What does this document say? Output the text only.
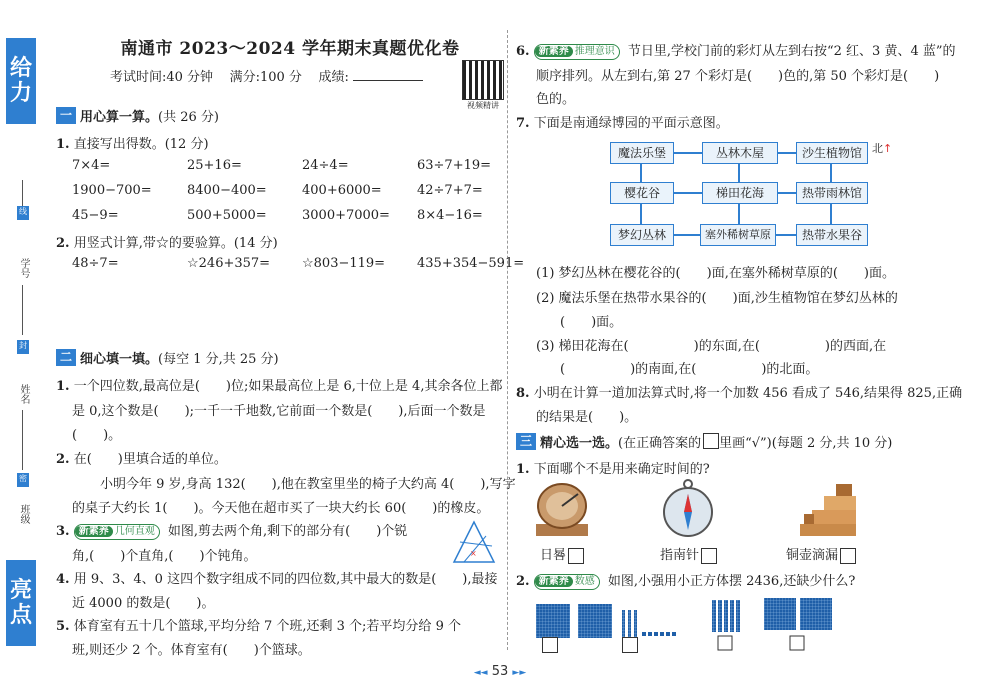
给
力
线
学号
封
姓名
密
班级
亮
点
南通市 2023～2024 学年期末真题优化卷
考试时间:40 分钟 满分:100 分 成绩:
视频精讲
一 用心算一算。 (共 26 分)
1. 直接写出得数。(12 分)
7×4=	25+16=	24÷4=	63÷7+19=
1900−700=	8400−400=	400+6000=	42÷7+7=
45−9=	500+5000=	3000+7000=	8×4−16=
2. 用竖式计算,带☆的要验算。(14 分)
48÷7=	☆246+357=	☆803−119=	435+354−591=
二 细心填一填。 (每空 1 分,共 25 分)
1. 一个四位数,最高位是(　　)位;如果最高位上是 6,十位上是 4,其余各位上都
是 0,这个数是(　　);一千一千地数,它前面一个数是(　　),后面一个数是
(　　)。
2. 在(　　)里填合适的单位。
小明今年 9 岁,身高 132(　　),他在教室里坐的椅子大约高 4(　　),写字
的桌子大约长 1(　　)。今天他在超市买了一块大约长 60(　　)的橡皮。
3. 新素养 几何直观 如图,剪去两个角,剩下的部分有(　　)个锐
角,(　　)个直角,(　　)个钝角。	×
4. 用 9、3、4、0 这四个数字组成不同的四位数,其中最大的数是(　　),最接
近 4000 的数是(　　)。
5. 体育室有五十几个篮球,平均分给 7 个班,还剩 3 个;若平均分给 9 个
班,则还少 2 个。体育室有(　　)个篮球。
6. 新素养 推理意识 节日里,学校门前的彩灯从左到右按“2 红、3 黄、4 蓝”的
顺序排列。从左到右,第 27 个彩灯是(　　)色的,第 50 个彩灯是(　　)
色的。
7. 下面是南通绿博园的平面示意图。
魔法乐堡	丛林木屋	沙生植物馆
樱花谷	梯田花海	热带雨林馆
梦幻丛林	塞外稀树草原	热带水果谷
北↑
(1) 梦幻丛林在樱花谷的(　　)面,在塞外稀树草原的(　　)面。
(2) 魔法乐堡在热带水果谷的(　　)面,沙生植物馆在梦幻丛林的
(　　)面。
(3) 梯田花海在(　　　　　)的东面,在(　　　　　)的西面,在
(　　　　　)的南面,在(　　　　　)的北面。
8. 小明在计算一道加法算式时,将一个加数 456 看成了 546,结果得 825,正确
的结果是(　　)。
三 精心选一选。 (在正确答案的 里画“√”)(每题 2 分,共 10 分)
1. 下面哪个不是用来确定时间的?
日晷	指南针	铜壶滴漏
2. 新素养 数感 如图,小强用小正方体摆 2436,还缺少什么?
◄◄ 53 ►►
